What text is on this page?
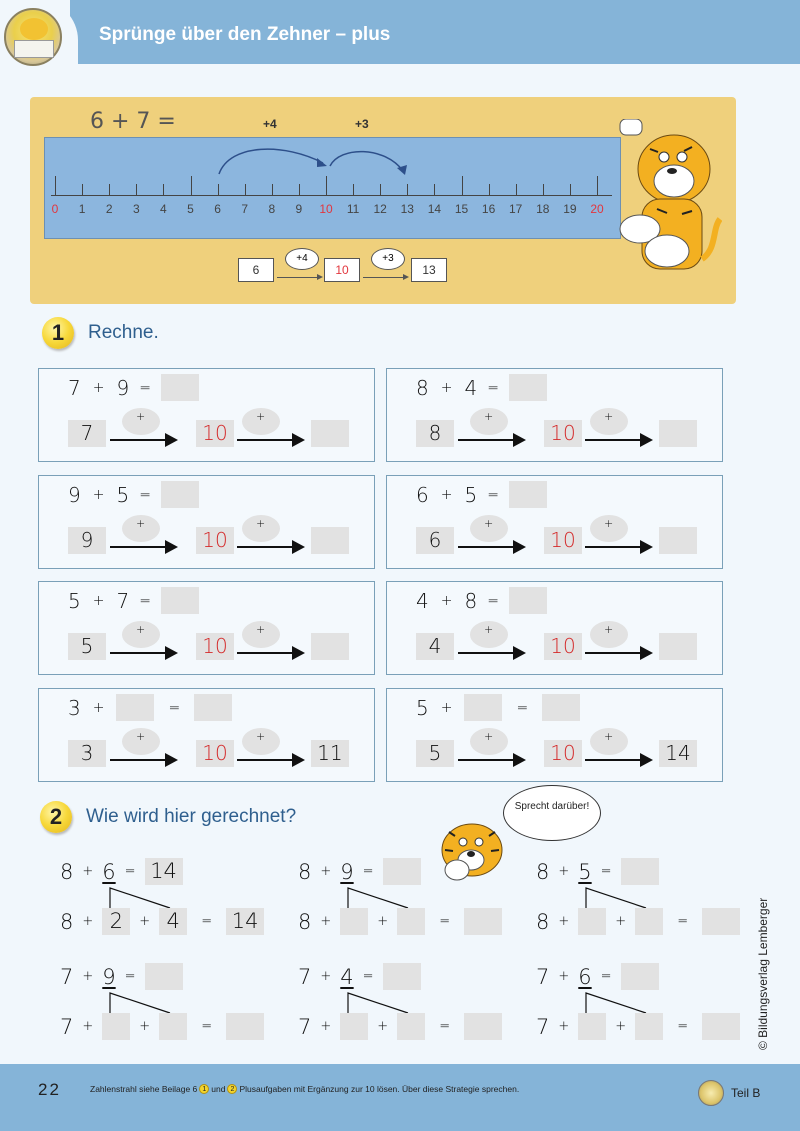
Sprünge über den Zehner – plus
6 + 7 =	+4	+3
0 1 2 3 4 5 6 7 8 9 10 11 12 13 14 15 16 17 18 19 20
6
+4
10
+3
13
1	Rechne.
7 + 9 =
7
+
10
+
8 + 4 =
8
+
10
+
9 + 5 =
9
+
10
+
6 + 5 =
6
+
10
+
5 + 7 =
5
+
10
+
4 + 8 =
4
+
10
+
3 +	=
3
+
10
+
11
5 +	=
5
+
10
+
14
2	Wie wird hier gerechnet?	Sprecht darüber!
8 + 6 = 14
8 + 2	+ 4	= 14
8 + 9 =
8 +	+	=
8 + 5 =
8 +	+	=
7 + 9 =
7 +	+	=
7 + 4 =
7 +	+	=
7 + 6 =
7 +	+	=	© Bildungsverlag Lemberger
22	Zahlenstrahl siehe Beilage 6 1 und 2 Plusaufgaben mit Ergänzung zur 10 lösen. Über diese Strategie sprechen.	Teil B
